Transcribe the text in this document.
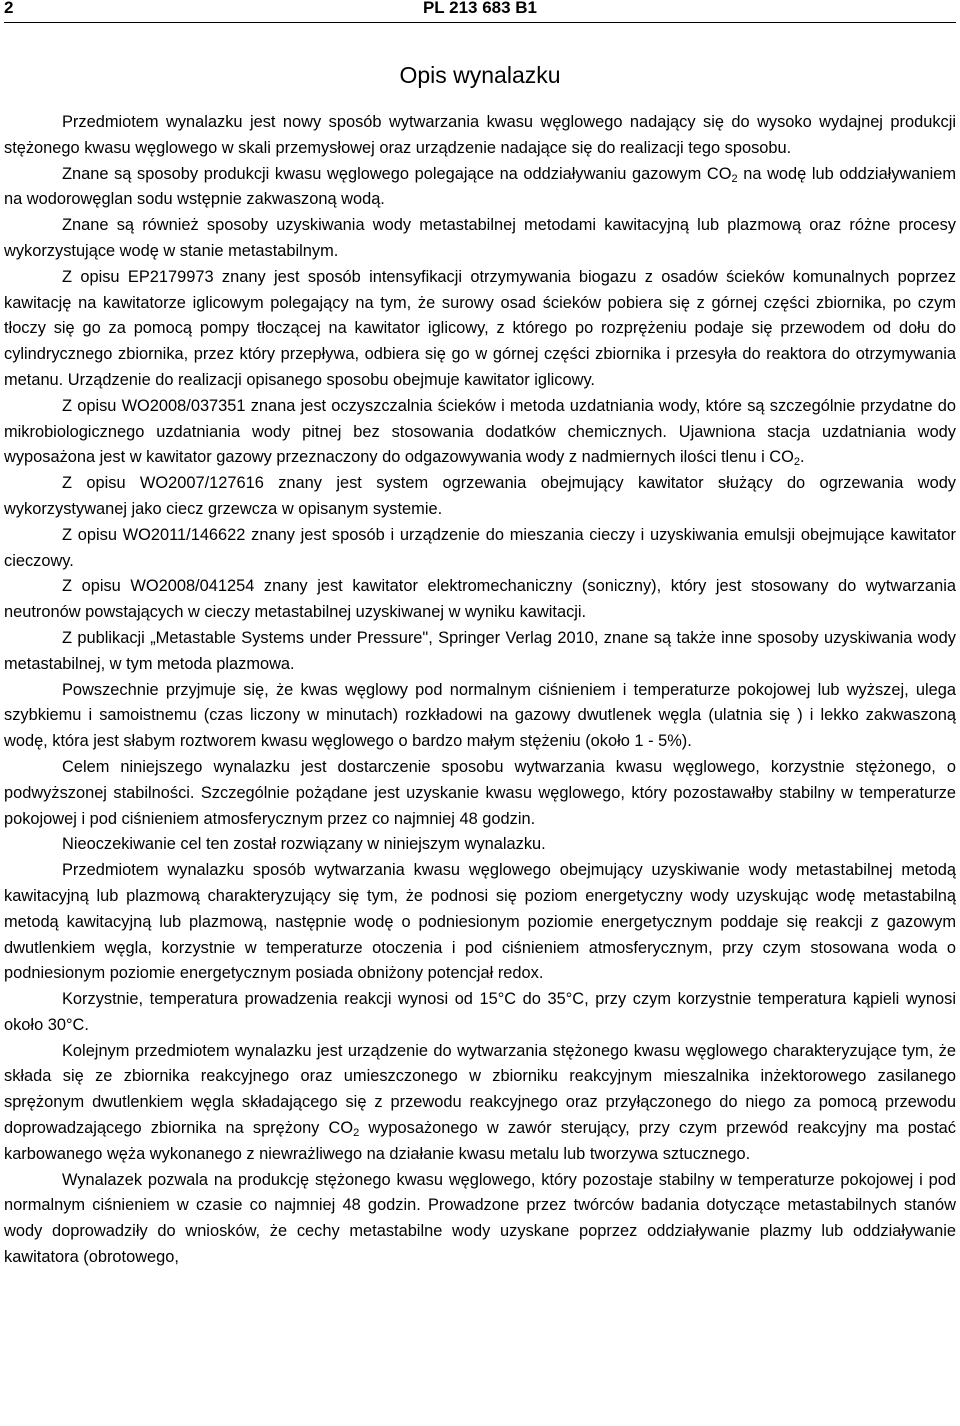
2	PL 213 683 B1
Opis wynalazku

Przedmiotem wynalazku jest nowy sposób wytwarzania kwasu węglowego nadający się do wysoko wydajnej produkcji stężonego kwasu węglowego w skali przemysłowej oraz urządzenie nadające się do realizacji tego sposobu.

Znane są sposoby produkcji kwasu węglowego polegające na oddziaływaniu gazowym $CO_2$ na wodę lub oddziaływaniem na wodorowęglan sodu wstępnie zakwaszoną wodą.

Znane są również sposoby uzyskiwania wody metastabilnej metodami kawitacyjną lub plazmową oraz różne procesy wykorzystujące wodę w stanie metastabilnym.

Z opisu EP2179973 znany jest sposób intensyfikacji otrzymywania biogazu z osadów ścieków komunalnych poprzez kawitację na kawitatorze iglicowym polegający na tym, że surowy osad ścieków pobiera się z górnej części zbiornika, po czym tłoczy się go za pomocą pompy tłoczącej na kawitator iglicowy, z którego po rozprężeniu podaje się przewodem od dołu do cylindrycznego zbiornika, przez który przepływa, odbiera się go w górnej części zbiornika i przesyła do reaktora do otrzymywania metanu. Urządzenie do realizacji opisanego sposobu obejmuje kawitator iglicowy.

Z opisu WO2008/037351 znana jest oczyszczalnia ścieków i metoda uzdatniania wody, które są szczególnie przydatne do mikrobiologicznego uzdatniania wody pitnej bez stosowania dodatków chemicznych. Ujawniona stacja uzdatniania wody wyposażona jest w kawitator gazowy przeznaczony do odgazowywania wody z nadmiernych ilości tlenu i $CO_2$.

Z opisu WO2007/127616 znany jest system ogrzewania obejmujący kawitator służący do ogrzewania wody wykorzystywanej jako ciecz grzewcza w opisanym systemie.

Z opisu WO2011/146622 znany jest sposób i urządzenie do mieszania cieczy i uzyskiwania emulsji obejmujące kawitator cieczowy.

Z opisu WO2008/041254 znany jest kawitator elektromechaniczny (soniczny), który jest stosowany do wytwarzania neutronów powstających w cieczy metastabilnej uzyskiwanej w wyniku kawitacji.

Z publikacji „Metastable Systems under Pressure", Springer Verlag 2010, znane są także inne sposoby uzyskiwania wody metastabilnej, w tym metoda plazmowa.

Powszechnie przyjmuje się, że kwas węglowy pod normalnym ciśnieniem i temperaturze pokojowej lub wyższej, ulega szybkiemu i samoistnemu (czas liczony w minutach) rozkładowi na gazowy dwutlenek węgla (ulatnia się ) i lekko zakwaszoną wodę, która jest słabym roztworem kwasu węglowego o bardzo małym stężeniu (około 1 - 5%).

Celem niniejszego wynalazku jest dostarczenie sposobu wytwarzania kwasu węglowego, korzystnie stężonego, o podwyższonej stabilności. Szczególnie pożądane jest uzyskanie kwasu węglowego, który pozostawałby stabilny w temperaturze pokojowej i pod ciśnieniem atmosferycznym przez co najmniej 48 godzin.

Nieoczekiwanie cel ten został rozwiązany w niniejszym wynalazku.

Przedmiotem wynalazku sposób wytwarzania kwasu węglowego obejmujący uzyskiwanie wody metastabilnej metodą kawitacyjną lub plazmową charakteryzujący się tym, że podnosi się poziom energetyczny wody uzyskując wodę metastabilną metodą kawitacyjną lub plazmową, następnie wodę o podniesionym poziomie energetycznym poddaje się reakcji z gazowym dwutlenkiem węgla, korzystnie w temperaturze otoczenia i pod ciśnieniem atmosferycznym, przy czym stosowana woda o podniesionym poziomie energetycznym posiada obniżony potencjał redox.

Korzystnie, temperatura prowadzenia reakcji wynosi od 15°C do 35°C, przy czym korzystnie temperatura kąpieli wynosi około 30°C.

Kolejnym przedmiotem wynalazku jest urządzenie do wytwarzania stężonego kwasu węglowego charakteryzujące tym, że składa się ze zbiornika reakcyjnego oraz umieszczonego w zbiorniku reakcyjnym mieszalnika inżektorowego zasilanego sprężonym dwutlenkiem węgla składającego się z przewodu reakcyjnego oraz przyłączonego do niego za pomocą przewodu doprowadzającego zbiornika na sprężony $CO_2$ wyposażonego w zawór sterujący, przy czym przewód reakcyjny ma postać karbowanego węża wykonanego z niewrażliwego na działanie kwasu metalu lub tworzywa sztucznego.

Wynalazek pozwala na produkcję stężonego kwasu węglowego, który pozostaje stabilny w temperaturze pokojowej i pod normalnym ciśnieniem w czasie co najmniej 48 godzin. Prowadzone przez twórców badania dotyczące metastabilnych stanów wody doprowadziły do wniosków, że cechy metastabilne wody uzyskane poprzez oddziaływanie plazmy lub oddziaływanie kawitatora (obrotowego,
